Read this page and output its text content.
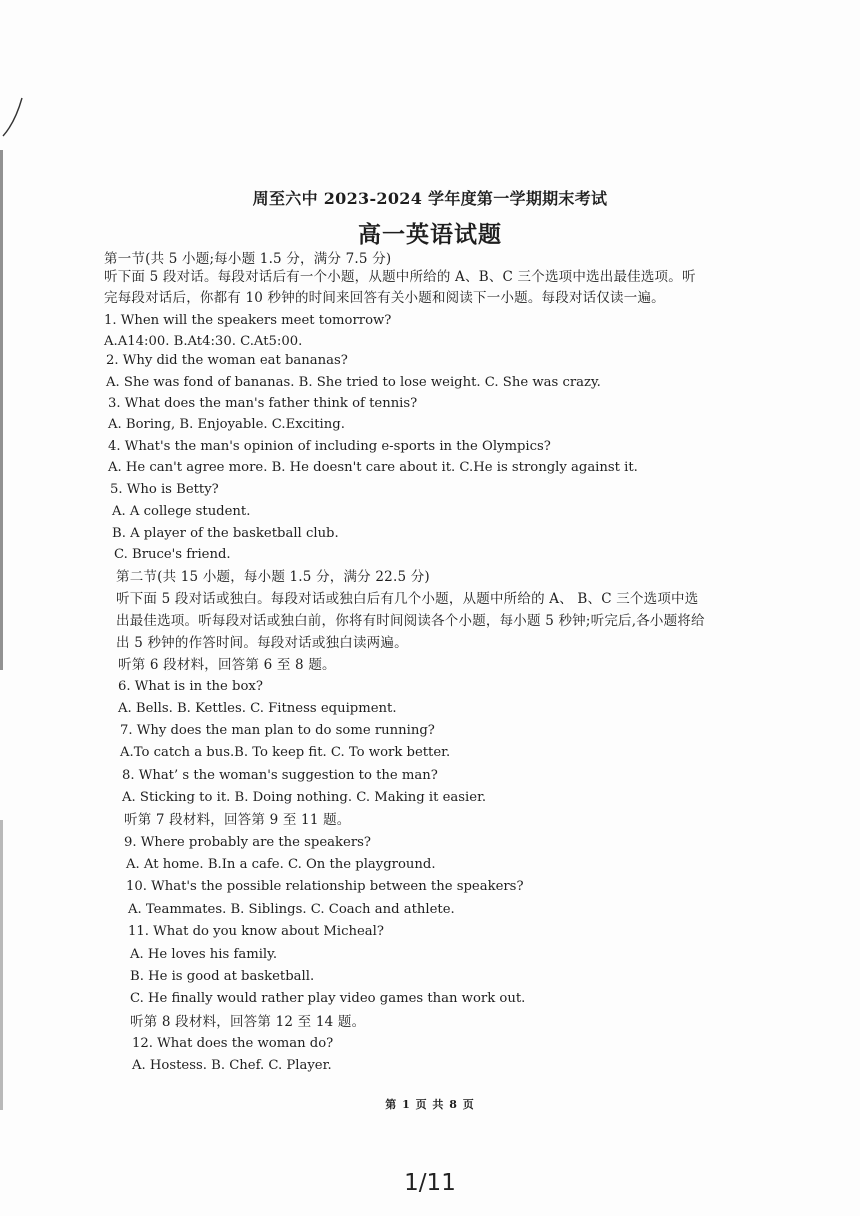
周至六中 2023-2024 学年度第一学期期末考试
高一英语试题
第一节(共 5 小题;每小题 1.5 分，满分 7.5 分)
听下面 5 段对话。每段对话后有一个小题，从题中所给的 A、B、C 三个选项中选出最佳选项。听
完每段对话后，你都有 10 秒钟的时间来回答有关小题和阅读下一小题。每段对话仅读一遍。
1. When will the speakers meet tomorrow?
A.A14:00. B.At4:30. C.At5:00.
2. Why did the woman eat bananas?
A. She was fond of bananas. B. She tried to lose weight. C. She was crazy.
3. What does the man's father think of tennis?
A. Boring, B. Enjoyable. C.Exciting.
4. What's the man's opinion of including e-sports in the Olympics?
A. He can't agree more. B. He doesn't care about it. C.He is strongly against it.
5. Who is Betty?
A. A college student.
B. A player of the basketball club.
C. Bruce's friend.
第二节(共 15 小题，每小题 1.5 分，满分 22.5 分)
听下面 5 段对话或独白。每段对话或独白后有几个小题，从题中所给的 A、 B、C 三个选项中选
出最佳选项。听每段对话或独白前，你将有时间阅读各个小题，每小题 5 秒钟;听完后,各小题将给
出 5 秒钟的作答时间。每段对话或独白读两遍。
听第 6 段材料，回答第 6 至 8 题。
6. What is in the box?
A. Bells. B. Kettles. C. Fitness equipment.
7. Why does the man plan to do some running?
A.To catch a bus.B. To keep fit. C. To work better.
8. What’ s the woman's suggestion to the man?
A. Sticking to it. B. Doing nothing. C. Making it easier.
听第 7 段材料，回答第 9 至 11 题。
9. Where probably are the speakers?
A. At home. B.In a cafe. C. On the playground.
10. What's the possible relationship between the speakers?
A. Teammates. B. Siblings. C. Coach and athlete.
11. What do you know about Micheal?
A. He loves his family.
B. He is good at basketball.
C. He finally would rather play video games than work out.
听第 8 段材料，回答第 12 至 14 题。
12. What does the woman do?
A. Hostess. B. Chef. C. Player.
第 1 页 共 8 页
1/11
